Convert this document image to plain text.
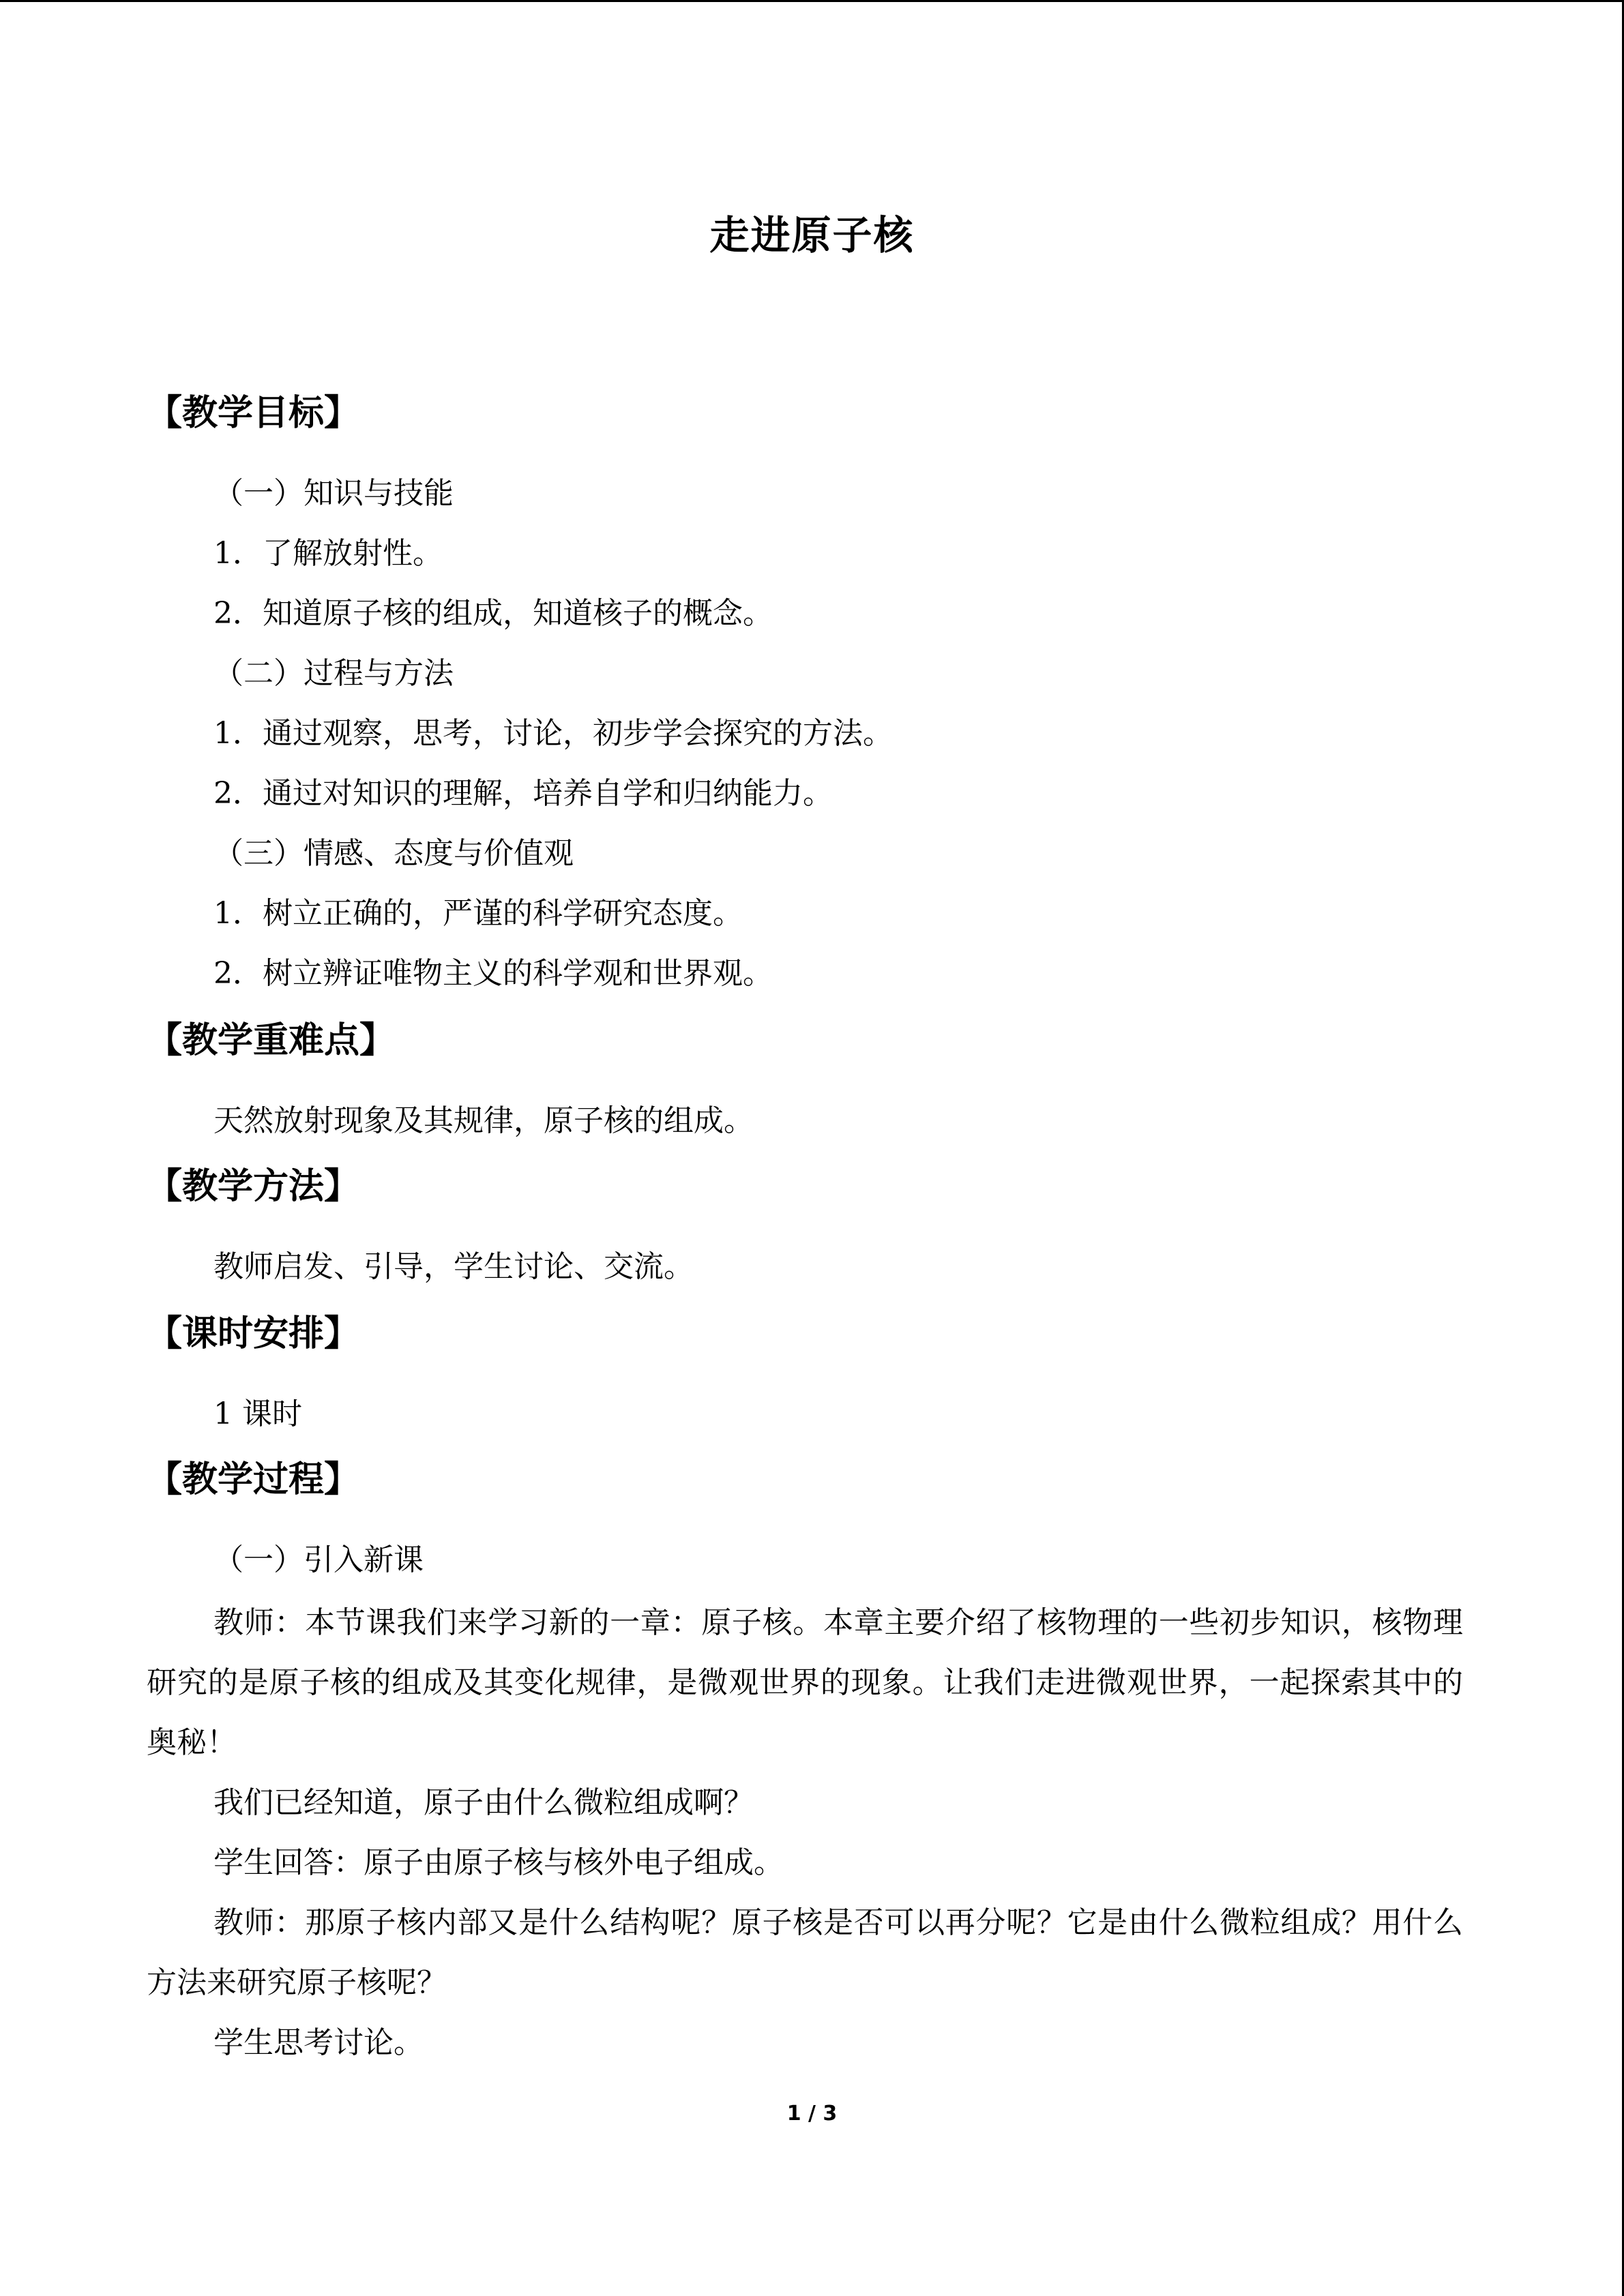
走进原子核
【教学目标】
（一）知识与技能
1．了解放射性。
2．知道原子核的组成，知道核子的概念。
（二）过程与方法
1．通过观察，思考，讨论，初步学会探究的方法。
2．通过对知识的理解，培养自学和归纳能力。
（三）情感、态度与价值观
1．树立正确的，严谨的科学研究态度。
2．树立辨证唯物主义的科学观和世界观。
【教学重难点】
天然放射现象及其规律，原子核的组成。
【教学方法】
教师启发、引导，学生讨论、交流。
【课时安排】
1 课时
【教学过程】
（一）引入新课
教师：本节课我们来学习新的一章：原子核。本章主要介绍了核物理的一些初步知识，核物理研究的是原子核的组成及其变化规律，是微观世界的现象。让我们走进微观世界，一起探索其中的奥秘！
我们已经知道，原子由什么微粒组成啊？
学生回答：原子由原子核与核外电子组成。
教师：那原子核内部又是什么结构呢？原子核是否可以再分呢？它是由什么微粒组成？用什么方法来研究原子核呢？
学生思考讨论。
1 / 3
